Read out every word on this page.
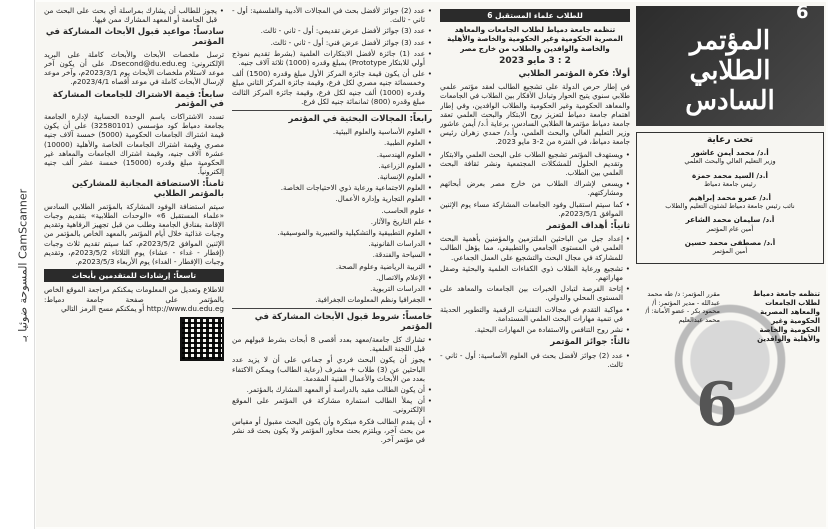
المسوحة ضوئيا بـ CamScanner
• يجوز للطالب أن يشارك بمراسلة أي بحث على البحث من قبل الجامعة أو المعهد المشارك ممن فيها.
سادساً: مواعيد قبول الأبحاث المشاركة في المؤتمر

ترسل ملخصات الأبحاث والأبحاث كاملة على البريد الإلكتروني: Dsecond@du.edu.eg، على أن يكون آخر موعد لاستلام ملخصات الأبحاث يوم 2023/3/1م، وآخر موعد لإرسال الأبحاث كاملة في موعد أقصاه 2023/4/1م.

سابعاً: قيمة الاشتراك للجامعات المشاركة في المؤتمر

تسدد الاشتراكات باسم الوحدة الحسابية لإدارة الجامعة بجامعة دمياط كود مؤسسي (32580101) على أن يكون قيمة اشتراك الجامعات الحكومية (5000) خمسة آلاف جنيه مصري وقيمة اشتراك الجامعات الخاصة والأهلية (10000) عشرة آلاف جنيه، وقيمة اشتراك الجامعات والمعاهد غير الحكومية مبلغ وقدره (15000) خمسة عشر ألف جنيه إلكترونياً.

ثامناً: الاستضافة المجانية للمشاركين بالمؤتمر الطلابي

سيتم استضافة الوفود المشاركة بالمؤتمر الطلابي السادس «علماء المستقبل 6» «الوحدات الطلابية» بتقديم وجبات الإقامة بفنادق الجامعة وطلب من قبل تجهيز الرفاهية وتقديم وجبات غذائية خلال أيام المؤتمر بالمعهد الخاص بالمؤتمر من الإثنين الموافق 2023/5/2م، كما سيتم تقديم ثلاث وجبات (إفطار - غداء - عشاء) يوم الثلاثاء 2023/5/2م، وتقديم وجبات (الإفطار - الغداء) يوم الأربعاء 2023/5/3م.

تاسعاً: إرشادات للمتقدمين بأبحاث

للاطلاع وتعديل من المعلومات يمكنكم مراجعة الموقع الخاص بالمؤتمر على صفحة جامعة دمياط: http://www.du.edu.eg أو يمكنكم مسح الرمز التالي

• عدد (2) جوائز لأفضل بحث في المجالات الأدبية والفلسفية: أول - ثاني - ثالث.
• عدد (3) جوائز لأفضل عرض تقديمي: أول - ثاني - ثالث.
• عدد (3) جوائز لأفضل عرض فني: أول - ثاني - ثالث.
• عدد (1) جائزة لأفضل الابتكارات العلمية (بشرط تقديم نموذج أولي للابتكار Prototype) بمبلغ وقدره (1000) ثلاثة آلاف جنيه.
• على أن يكون قيمة جائزة المركز الأول مبلغ وقدره (1500) ألف وخمسمائة جنيه مصري لكل فرع، وقيمة جائزة المركز الثاني مبلغ وقدره (1000) ألف جنيه لكل فرع، وقيمة جائزة المركز الثالث مبلغ وقدره (800) ثمانمائة جنيه لكل فرع.
رابعاً: المجالات البحثية في المؤتمر
• العلوم الأساسية والعلوم البيئية.
• العلوم الطبية.
• العلوم الهندسية.
• العلوم الزراعية.
• العلوم الإنسانية.
• العلوم الاجتماعية ورعاية ذوي الاحتياجات الخاصة.
• العلوم التجارية وإدارة الأعمال.
• علوم الحاسب.
• علم التاريخ والآثار.
• العلوم التطبيقية والتشكيلية والتعبيرية والموسيقية.
• الدراسات القانونية.
• السياحة والفندقة.
• التربية الرياضية وعلوم الصحة.
• الإعلام والاتصال.
• الدراسات التربوية.
• الجغرافيا ونظم المعلومات الجغرافية.
خامساً: شروط قبول الأبحاث المشاركة في المؤتمر
• تشارك كل جامعة/معهد بعدد أقصى 8 أبحاث بشرط قبولهم من قبل اللجنة العلمية.
• يجوز أن يكون البحث فردي أو جماعي على أن لا يزيد عدد الباحثين عن (3) طلاب + مشرف (رعاية الطالب) ويمكن الاكتفاء بعدد من الأبحاث والأعمال الفنية المقدمة.
• أن يكون الطالب مقيد بالدراسة أو المعهد المشارك بالمؤتمر.
• أن يملأ الطالب استمارة مشاركة في المؤتمر على الموقع الإلكتروني.
• أن يقدم الطالب فكرة مبتكرة وأن يكون البحث مقبول أو مقياس من بحث آخر، ويلتزم بحث محاور المؤتمر ولا يكون بحث قد نشر في مؤتمر آخر.
للطلاب علماء المستقبل 6

تنظمه جامعة دمياط لطلاب الجامعات والمعاهد المصرية الحكومية وغير الحكومية والخاصة والأهلية والخاصة والوافدين والطلاب من خارج مصر

2 : 3 مايو 2023
أولاً: فكرة المؤتمر الطلابي

في إطار حرص الدولة على تشجيع الطالب لعقد مؤتمر علمي طلابي سنوي يتيح الحوار وتبادل الأفكار بين الطلاب في الجامعات والمعاهد الحكومية وغير الحكومية والطلاب الوافدين، وفي إطار اهتمام جامعة دمياط لتعزيز روح الابتكار والبحث العلمي تعقد جامعة دمياط مؤتمرها الطلابي السادس، برعاية أ.د/ أيمن عاشور وزير التعليم العالي والبحث العلمي، وأ.د/ حمدي زهران رئيس جامعة دمياط، في الفترة من 2-3 مايو 2023.

• ويستهدف المؤتمر تشجيع الطلاب على البحث العلمي والابتكار وتقديم الحلول للمشكلات المجتمعية ونشر ثقافة البحث العلمي بين الطلاب.
• ويسعى لإشراك الطلاب من خارج مصر بعرض أبحاثهم ومشاركتهم.
• كما سيتم استقبال وفود الجامعات المشاركة مساء يوم الإثنين الموافق 2023/5/1م.
ثانياً: أهداف المؤتمر
• إعداد جيل من الباحثين الملتزمين والمؤمنين بأهمية البحث العلمي في المستوى الجامعي والتطبيقي، مما يؤهل الطالب للمشاركة في مجال البحث والتشجيع على العمل الجماعي.
• تشجيع ورعاية الطلاب ذوي الكفاءات العلمية والبحثية وصقل مهاراتهم.
• إتاحة الفرصة لتبادل الخبرات بين الجامعات والمعاهد على المستوى المحلي والدولي.
• مواكبة التقدم في مجالات التقنيات الرقمية والتطوير الحديثة في تنمية مهارات البحث العلمي المستدامة.
• نشر روح التنافس والاستفادة من المهارات البحثية.
ثالثاً: جوائز المؤتمر
• عدد (2) جوائز لأفضل بحث في العلوم الأساسية: أول - ثاني - ثالث.
6
المؤتمر الطلابي السادس
تحت رعاية
أ.د/ محمد أيمن عاشور
وزير التعليم العالي والبحث العلمي
أ.د/ السيد محمد حمزة
رئيس جامعة دمياط
أ.د/ عمرو محمد إبراهيم
نائب رئيس جامعة دمياط لشئون التعليم والطلاب
أ.د/ سليمان محمد الشاعر
أمين عام المؤتمر
أ.د/ مصطفى محمد حسين
أمين المؤتمر
تنظمه جامعة دمياط لطلاب الجامعات والمعاهد المصرية الحكومية وغير الحكومية والخاصة والأهلية والوافدين
مقرر المؤتمر: د/ طه محمد عبدالله - مدير المؤتمر: أ/ محمود بكر - عضو الأمانة: أ/ محمد عبدالعليم
6
